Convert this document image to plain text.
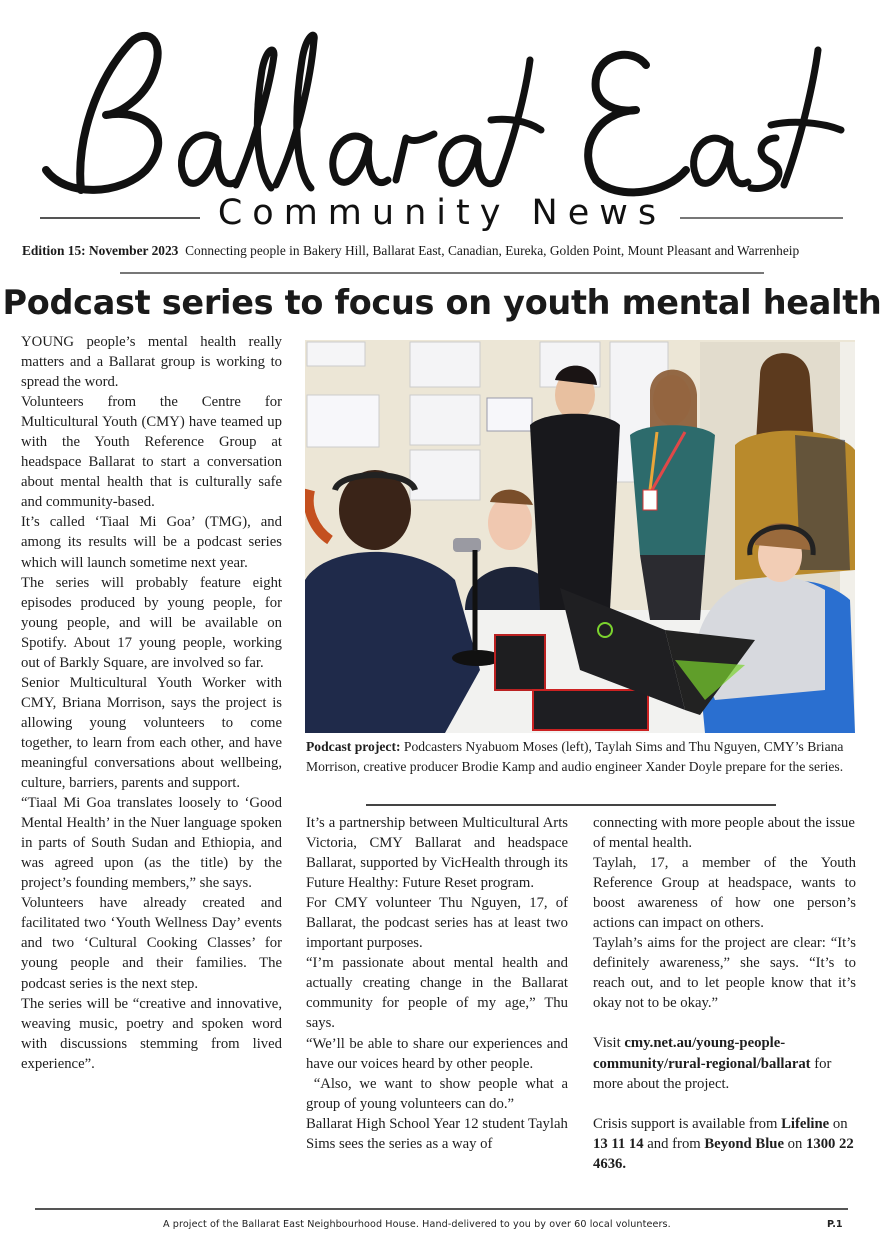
Community News
Edition 15: November 2023 Connecting people in Bakery Hill, Ballarat East, Canadian, Eureka, Golden Point, Mount Pleasant and Warrenheip
Podcast series to focus on youth mental health

YOUNG people’s mental health really matters and a Ballarat group is working to spread the word.

Volunteers from the Centre for Multicultural Youth (CMY) have teamed up with the Youth Reference Group at headspace Ballarat to start a conversation about mental health that is culturally safe and community-based.

It’s called ‘Tiaal Mi Goa’ (TMG), and among its results will be a podcast series which will launch sometime next year.

The series will probably feature eight episodes produced by young people, for young people, and will be available on Spotify. About 17 young people, working out of Barkly Square, are involved so far.

Senior Multicultural Youth Worker with CMY, Briana Morrison, says the project is allowing young volunteers to come together, to learn from each other, and have meaningful conversations about wellbeing, culture, barriers, parents and support.

“Tiaal Mi Goa translates loosely to ‘Good Mental Health’ in the Nuer language spoken in parts of South Sudan and Ethiopia, and was agreed upon (as the title) by the project’s founding members,” she says.

Volunteers have already created and facilitated two ‘Youth Wellness Day’ events and two ‘Cultural Cooking Classes’ for young people and their families. The podcast series is the next step.

The series will be “creative and innovative, weaving music, poetry and spoken word with discussions stemming from lived experience”.

Podcast project: Podcasters Nyabuom Moses (left), Taylah Sims and Thu Nguyen, CMY’s Briana Morrison, creative producer Brodie Kamp and audio engineer Xander Doyle prepare for the series.

It’s a partnership between Multicultural Arts Victoria, CMY Ballarat and headspace Ballarat, supported by VicHealth through its Future Healthy: Future Reset program.

For CMY volunteer Thu Nguyen, 17, of Ballarat, the podcast series has at least two important purposes.

“I’m passionate about mental health and actually creating change in the Ballarat community for people of my age,” Thu says.

“We’ll be able to share our experiences and have our voices heard by other people.

“Also, we want to show people what a group of young volunteers can do.”

Ballarat High School Year 12 student Taylah Sims sees the series as a way of

connecting with more people about the issue of mental health.

Taylah, 17, a member of the Youth Reference Group at headspace, wants to boost awareness of how one person’s actions can impact on others.

Taylah’s aims for the project are clear: “It’s definitely awareness,” she says. “It’s to reach out, and to let people know that it’s okay not to be okay.”

Visit cmy.net.au/young-people-community/rural-regional/ballarat for more about the project.

Crisis support is available from Lifeline on 13 11 14 and from Beyond Blue on 1300 22 4636.

A project of the Ballarat East Neighbourhood House. Hand-delivered to you by over 60 local volunteers.	P.1
